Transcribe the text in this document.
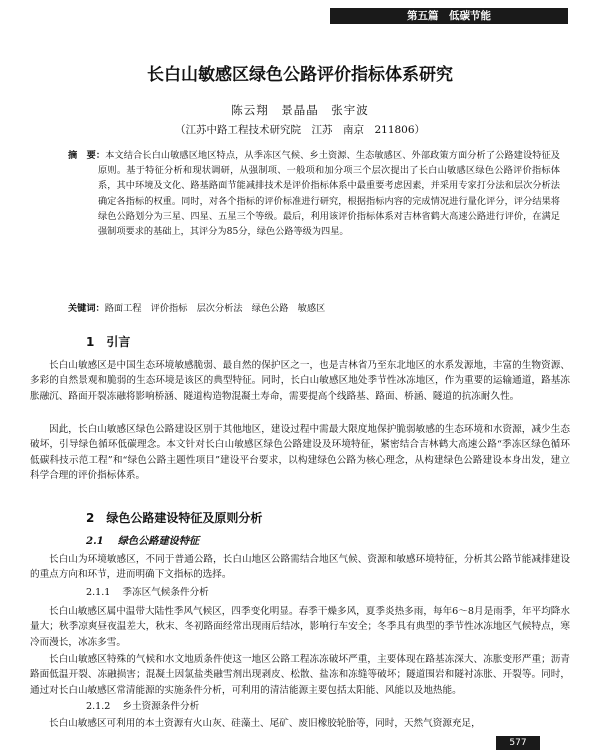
第五篇　低碳节能
长白山敏感区绿色公路评价指标体系研究
陈云翔　景晶晶　张宇波
（江苏中路工程技术研究院　江苏　南京　211806）

摘　要：本文结合长白山敏感区地区特点，从季冻区气候、乡土资源、生态敏感区、外部政策方面分析了公路建设特征及原则。基于特征分析和现状调研，从强制项、一般项和加分项三个层次提出了长白山敏感区绿色公路评价指标体系，其中环境及文化、路基路面节能减排技术是评价指标体系中最重要考虑因素，并采用专家打分法和层次分析法确定各指标的权重。同时，对各个指标的评价标准进行研究，根据指标内容的完成情况进行量化评分，评分结果将绿色公路划分为三星、四星、五星三个等级。最后，利用该评价指标体系对吉林省鹤大高速公路进行评价，在满足强制项要求的基础上，其评分为85分，绿色公路等级为四星。

关键词：路面工程　评价指标　层次分析法　绿色公路　敏感区
1 引言

长白山敏感区是中国生态环境敏感脆弱、最自然的保护区之一，也是吉林省乃至东北地区的水系发源地，丰富的生物资源、多彩的自然景观和脆弱的生态环境是该区的典型特征。同时，长白山敏感区地处季节性冰冻地区，作为重要的运输通道，路基冻胀融沉、路面开裂冻融将影响桥涵、隧道构造物混凝土寿命，需要提高个线路基、路面、桥涵、隧道的抗冻耐久性。

因此，长白山敏感区绿色公路建设区别于其他地区，建设过程中需最大限度地保护脆弱敏感的生态环境和水资源，减少生态破坏，引导绿色循环低碳理念。本文针对长白山敏感区绿色公路建设及环境特征，紧密结合吉林鹤大高速公路“季冻区绿色循环低碳科技示范工程”和“绿色公路主题性项目”建设平台要求，以构建绿色公路为核心理念，从构建绿色公路建设本身出发，建立科学合理的评价指标体系。

2 绿色公路建设特征及原则分析
2.1 绿色公路建设特征

长白山为环境敏感区，不同于普通公路，长白山地区公路需结合地区气候、资源和敏感环境特征，分析其公路节能减排建设的重点方向和环节，进而明确下文指标的选择。

2.1.1 季冻区气候条件分析

长白山敏感区属中温带大陆性季风气候区，四季变化明显。春季干燥多风，夏季炎热多雨，每年6～8月是雨季，年平均降水量大；秋季凉爽昼夜温差大，秋末、冬初路面经常出现雨后结冰，影响行车安全；冬季具有典型的季节性冰冻地区气候特点，寒冷而漫长，冰冻多雪。

长白山敏感区特殊的气候和水文地质条件使这一地区公路工程冻冻破坏严重，主要体现在路基冻深大、冻胀变形严重；沥青路面低温开裂、冻融损害；混凝土因氯盐类融雪剂出现剥皮、松散、盐冻和冻缝等破坏；隧道围岩和隧衬冻胀、开裂等。同时，通过对长白山敏感区常清能源的实施条件分析，可利用的清洁能源主要包括太阳能、风能以及地热能。

2.1.2 乡土资源条件分析

长白山敏感区可利用的本土资源有火山灰、硅藻土、尾矿、废旧橡胶轮胎等，同时，天然气资源充足，

577
